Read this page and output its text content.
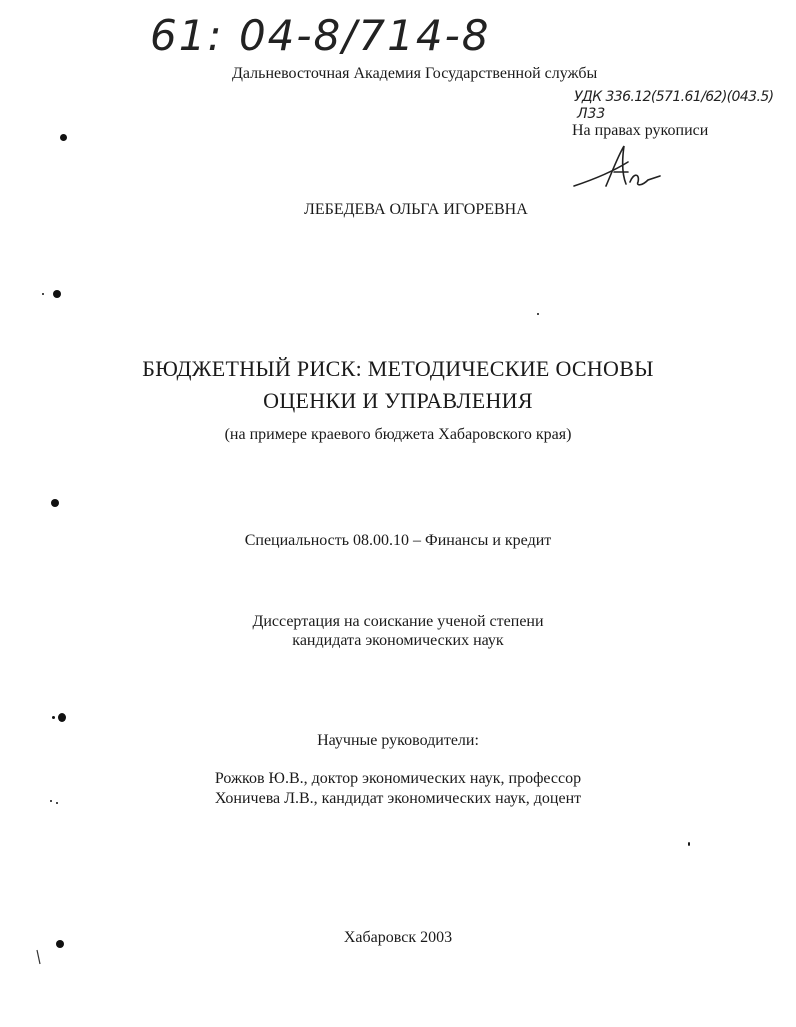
61: 04-8/714-8
Дальневосточная Академия Государственной службы
УДК 336.12(571.61/62)(043.5)
Л33
На правах рукописи
ЛЕБЕДЕВА ОЛЬГА ИГОРЕВНА
БЮДЖЕТНЫЙ РИСК: МЕТОДИЧЕСКИЕ ОСНОВЫ
ОЦЕНКИ И УПРАВЛЕНИЯ
(на примере краевого бюджета Хабаровского края)
Специальность 08.00.10 – Финансы и кредит
Диссертация на соискание ученой степени
кандидата экономических наук
Научные руководители:
Рожков Ю.В., доктор экономических наук, профессор
Хоничева Л.В., кандидат экономических наук, доцент
Хабаровск 2003
